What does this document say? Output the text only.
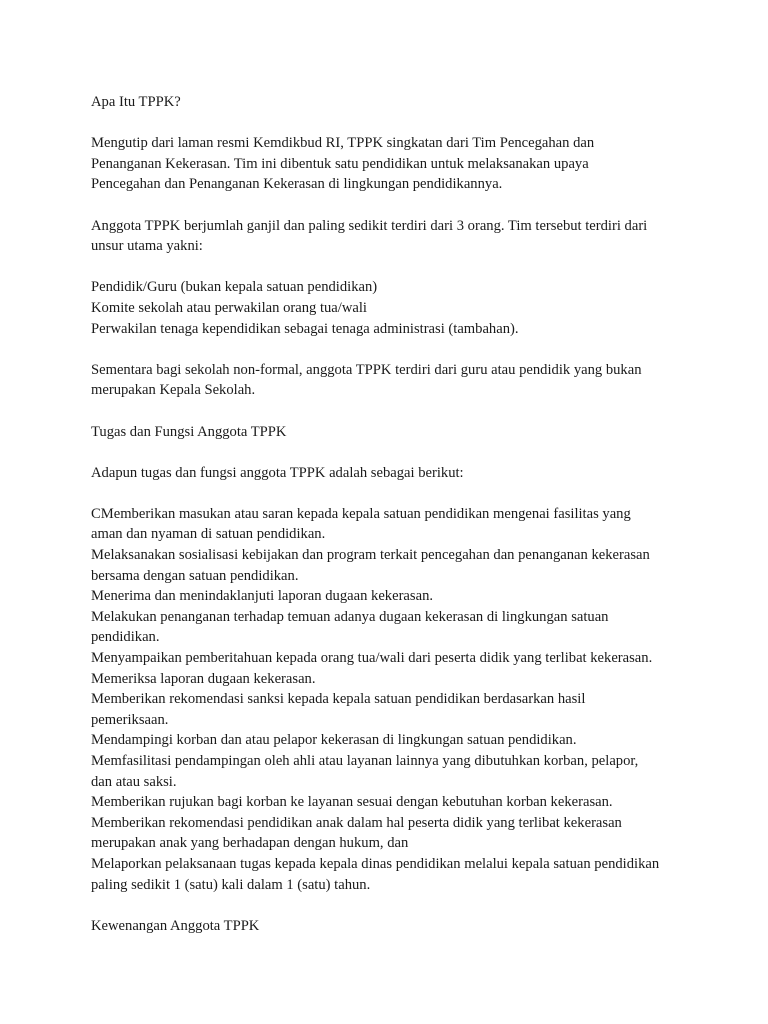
Apa Itu TPPK?

Mengutip dari laman resmi Kemdikbud RI, TPPK singkatan dari Tim Pencegahan dan

Penanganan Kekerasan. Tim ini dibentuk satu pendidikan untuk melaksanakan upaya

Pencegahan dan Penanganan Kekerasan di lingkungan pendidikannya.

Anggota TPPK berjumlah ganjil dan paling sedikit terdiri dari 3 orang. Tim tersebut terdiri dari

unsur utama yakni:

Pendidik/Guru (bukan kepala satuan pendidikan)

Komite sekolah atau perwakilan orang tua/wali

Perwakilan tenaga kependidikan sebagai tenaga administrasi (tambahan).

Sementara bagi sekolah non-formal, anggota TPPK terdiri dari guru atau pendidik yang bukan

merupakan Kepala Sekolah.

Tugas dan Fungsi Anggota TPPK

Adapun tugas dan fungsi anggota TPPK adalah sebagai berikut:

CMemberikan masukan atau saran kepada kepala satuan pendidikan mengenai fasilitas yang

aman dan nyaman di satuan pendidikan.

Melaksanakan sosialisasi kebijakan dan program terkait pencegahan dan penanganan kekerasan

bersama dengan satuan pendidikan.

Menerima dan menindaklanjuti laporan dugaan kekerasan.

Melakukan penanganan terhadap temuan adanya dugaan kekerasan di lingkungan satuan

pendidikan.

Menyampaikan pemberitahuan kepada orang tua/wali dari peserta didik yang terlibat kekerasan.

Memeriksa laporan dugaan kekerasan.

Memberikan rekomendasi sanksi kepada kepala satuan pendidikan berdasarkan hasil

pemeriksaan.

Mendampingi korban dan atau pelapor kekerasan di lingkungan satuan pendidikan.

Memfasilitasi pendampingan oleh ahli atau layanan lainnya yang dibutuhkan korban, pelapor,

dan atau saksi.

Memberikan rujukan bagi korban ke layanan sesuai dengan kebutuhan korban kekerasan.

Memberikan rekomendasi pendidikan anak dalam hal peserta didik yang terlibat kekerasan

merupakan anak yang berhadapan dengan hukum, dan

Melaporkan pelaksanaan tugas kepada kepala dinas pendidikan melalui kepala satuan pendidikan

paling sedikit 1 (satu) kali dalam 1 (satu) tahun.

Kewenangan Anggota TPPK
